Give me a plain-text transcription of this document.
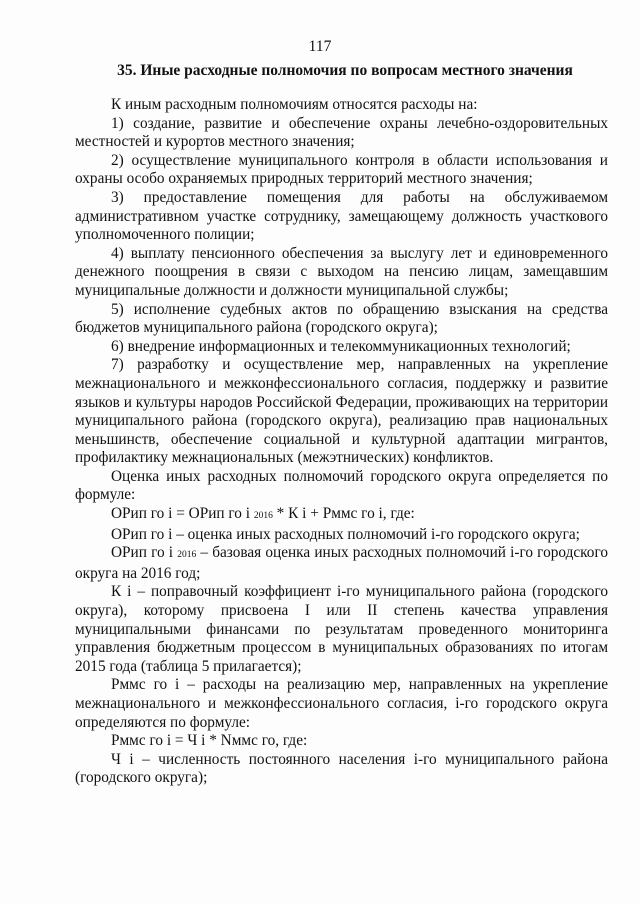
117
35. Иные расходные полномочия по вопросам местного значения

К иным расходным полномочиям относятся расходы на:

1) создание, развитие и обеспечение охраны лечебно-оздоровительных местностей и курортов местного значения;

2) осуществление муниципального контроля в области использования и охраны особо охраняемых природных территорий местного значения;

3) предоставление помещения для работы на обслуживаемом административном участке сотруднику, замещающему должность участкового уполномоченного полиции;

4) выплату пенсионного обеспечения за выслугу лет и единовременного денежного поощрения в связи с выходом на пенсию лицам, замещавшим муниципальные должности и должности муниципальной службы;

5) исполнение судебных актов по обращению взыскания на средства бюджетов муниципального района (городского округа);

6) внедрение информационных и телекоммуникационных технологий;

7) разработку и осуществление мер, направленных на укрепление межнационального и межконфессионального согласия, поддержку и развитие языков и культуры народов Российской Федерации, проживающих на территории муниципального района (городского округа), реализацию прав национальных меньшинств, обеспечение социальной и культурной адаптации мигрантов, профилактику межнациональных (межэтнических) конфликтов.

Оценка иных расходных полномочий городского округа определяется по формуле:

ОРип го i = ОРип го i 2016 * К i + Рммс го i, где:

ОРип го i – оценка иных расходных полномочий i-го городского округа;

ОРип го i 2016 – базовая оценка иных расходных полномочий i-го городского округа на 2016 год;

К i – поправочный коэффициент i-го муниципального района (городского округа), которому присвоена I или II степень качества управления муниципальными финансами по результатам проведенного мониторинга управления бюджетным процессом в муниципальных образованиях по итогам 2015 года (таблица 5 прилагается);

Рммс го i – расходы на реализацию мер, направленных на укрепление межнационального и межконфессионального согласия, i-го городского округа определяются по формуле:

Рммс го i = Ч i * Nммс го, где:

Ч i – численность постоянного населения i-го муниципального района (городского округа);
